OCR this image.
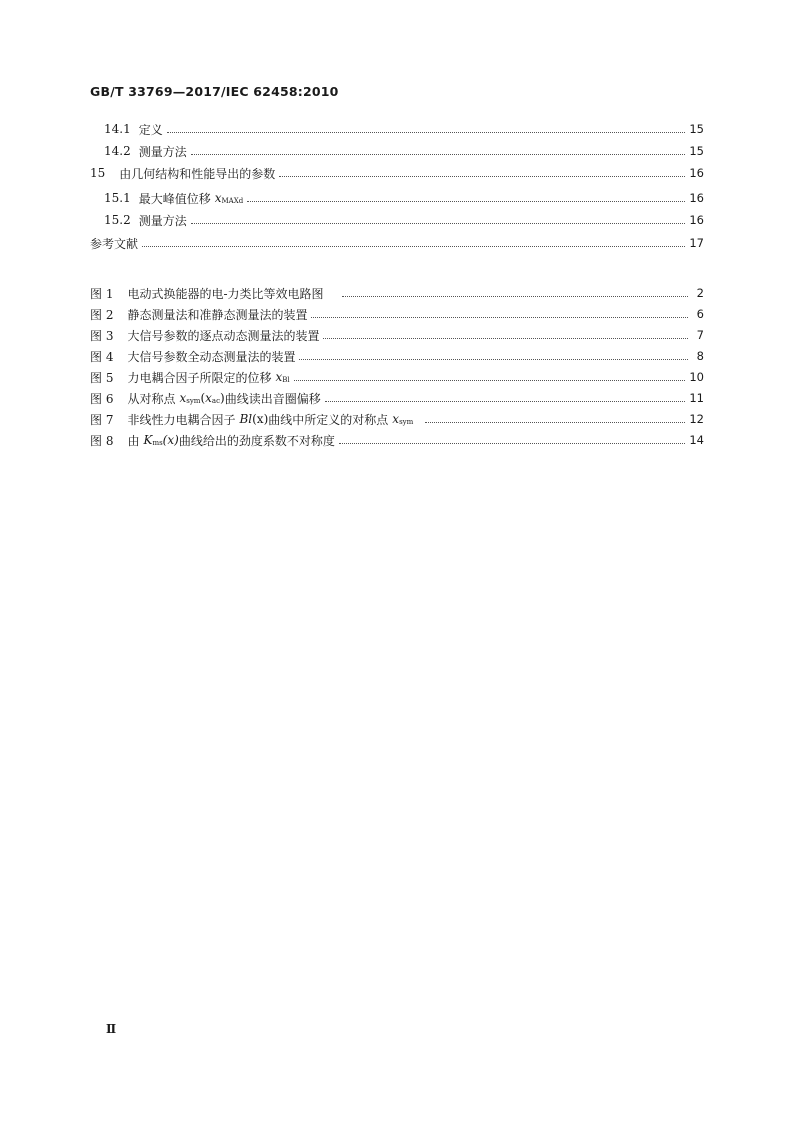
GB/T 33769—2017/IEC 62458:2010
14.1 定义	15
14.2 测量方法	15
15 由几何结构和性能导出的参数	16
15.1 最大峰值位移 x MAXd	16
15.2 测量方法	16
参考文献	17
图 1 电动式换能器的电-力类比等效电路图	2
图 2 静态测量法和准静态测量法的装置	6
图 3 大信号参数的逐点动态测量法的装置	7
图 4 大信号参数全动态测量法的装置	8
图 5 力电耦合因子所限定的位移 x Bl	10
图 6 从对称点 x sym ( x ac ) 曲线读出音圈偏移	11
图 7 非线性力电耦合因子 Bl (x) 曲线中所定义的对称点 x sym	12
图 8 由 K ms (x) 曲线给出的劲度系数不对称度	14
Ⅱ
